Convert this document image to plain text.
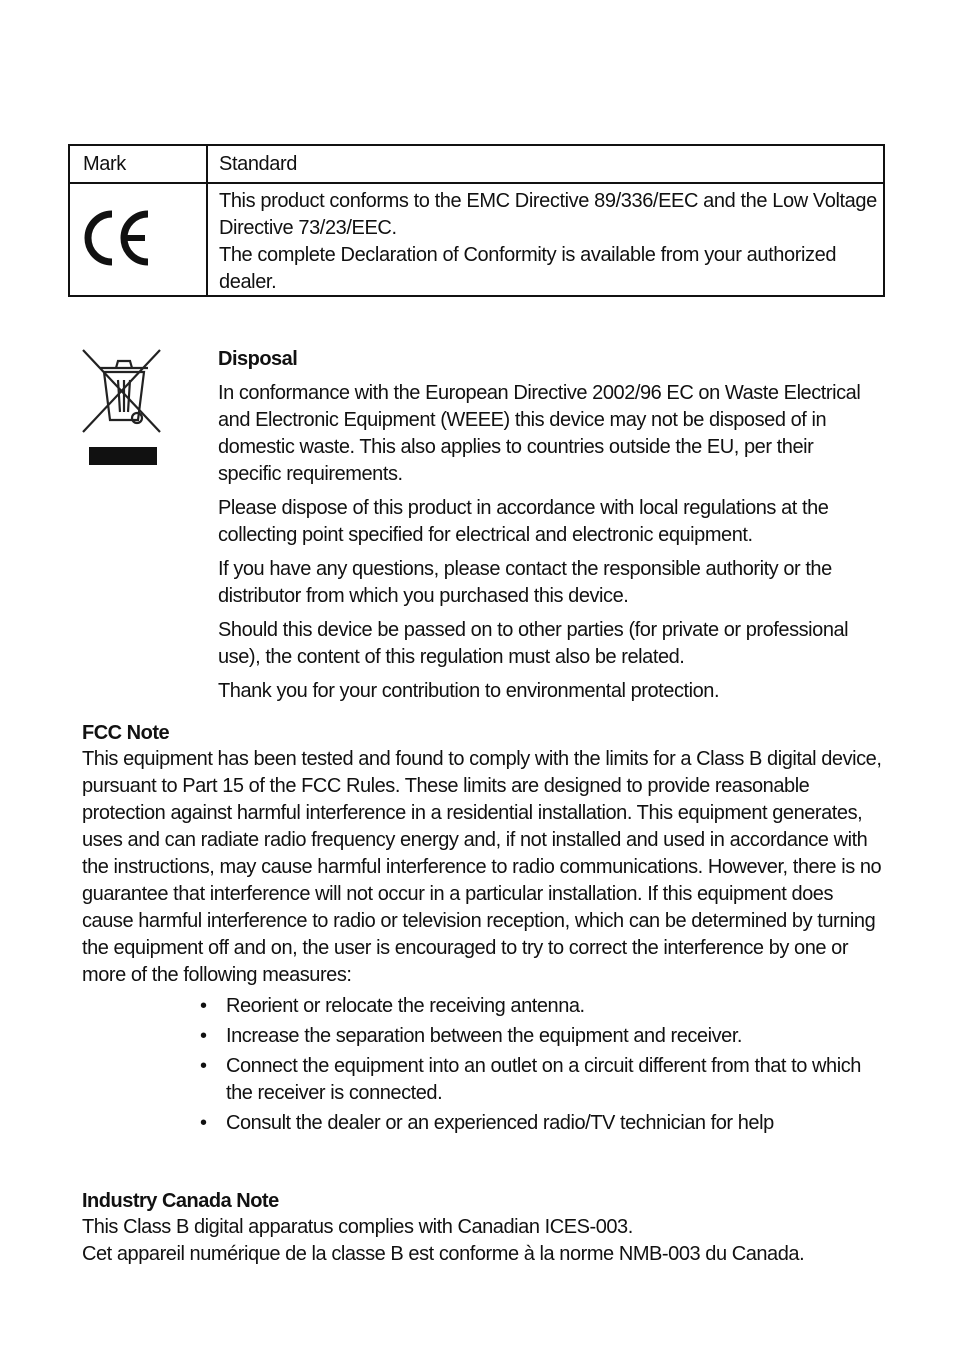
Mark	Standard

This product conforms to the EMC Directive 89/336/EEC and the Low Voltage Directive 73/23/EEC.

The complete Declaration of Conformity is available from your authorized dealer.

Disposal

In conformance with the European Directive 2002/96 EC on Waste Electrical and Electronic Equipment (WEEE) this device may not be disposed of in domestic waste. This also applies to countries outside the EU, per their specific requirements.

Please dispose of this product in accordance with local regulations at the collecting point specified for electrical and electronic equipment.

If you have any questions, please contact the responsible authority or the distributor from which you purchased this device.

Should this device be passed on to other parties (for private or professional use), the content of this regulation must also be related.

Thank you for your contribution to environmental protection.

FCC Note

This equipment has been tested and found to comply with the limits for a Class B digital device, pursuant to Part 15 of the FCC Rules. These limits are designed to provide reasonable protection against harmful interference in a residential installation. This equipment generates, uses and can radiate radio frequency energy and, if not installed and used in accordance with the instructions, may cause harmful interference to radio communications. However, there is no guarantee that interference will not occur in a particular installation. If this equipment does cause harmful interference to radio or television reception, which can be determined by turning the equipment off and on, the user is encouraged to try to correct the interference by one or more of the following measures:

• Reorient or relocate the receiving antenna.
• Increase the separation between the equipment and receiver.
• Connect the equipment into an outlet on a circuit different from that to which the receiver is connected.
• Consult the dealer or an experienced radio/TV technician for help
Industry Canada Note

This Class B digital apparatus complies with Canadian ICES-003.

Cet appareil numérique de la classe B est conforme à la norme NMB-003 du Canada.
